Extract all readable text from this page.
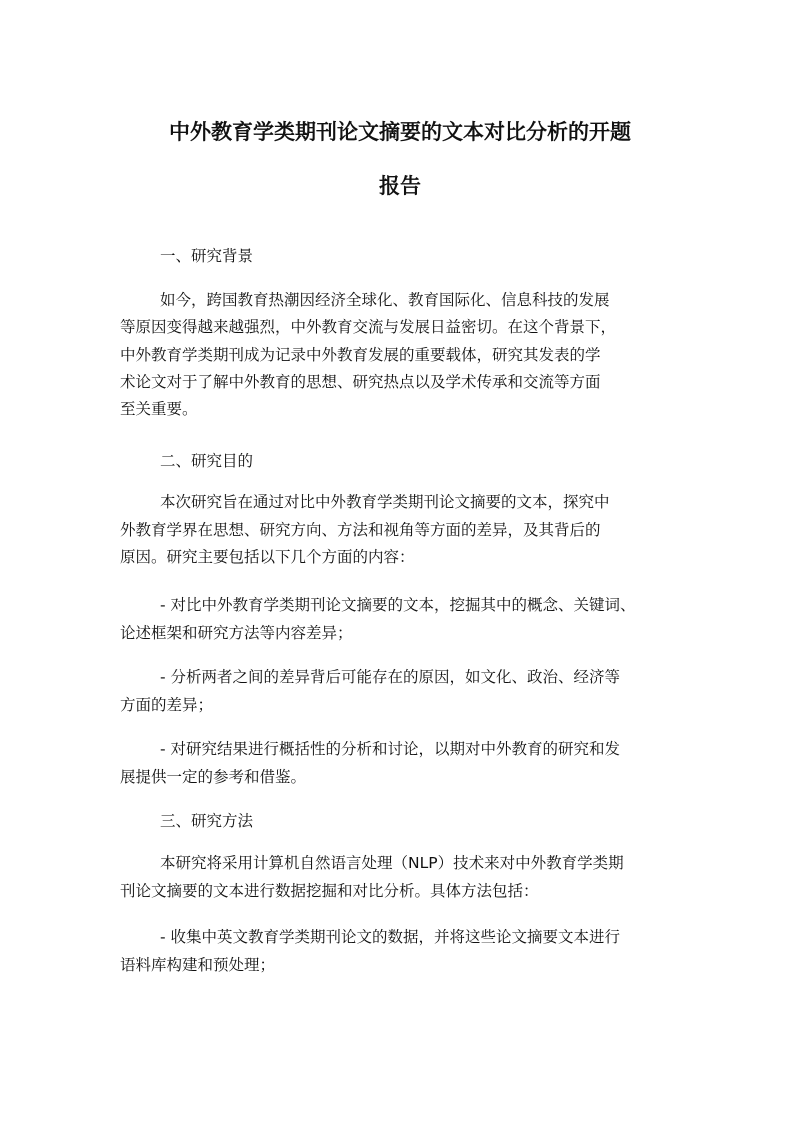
中外教育学类期刊论文摘要的文本对比分析的开题
报告
一、研究背景
如今，跨国教育热潮因经济全球化、教育国际化、信息科技的发展
等原因变得越来越强烈，中外教育交流与发展日益密切。在这个背景下，
中外教育学类期刊成为记录中外教育发展的重要载体，研究其发表的学
术论文对于了解中外教育的思想、研究热点以及学术传承和交流等方面
至关重要。
二、研究目的
本次研究旨在通过对比中外教育学类期刊论文摘要的文本，探究中
外教育学界在思想、研究方向、方法和视角等方面的差异，及其背后的
原因。研究主要包括以下几个方面的内容：
- 对比中外教育学类期刊论文摘要的文本，挖掘其中的概念、关键词、
论述框架和研究方法等内容差异；
- 分析两者之间的差异背后可能存在的原因，如文化、政治、经济等
方面的差异；
- 对研究结果进行概括性的分析和讨论，以期对中外教育的研究和发
展提供一定的参考和借鉴。
三、研究方法
本研究将采用计算机自然语言处理（NLP）技术来对中外教育学类期
刊论文摘要的文本进行数据挖掘和对比分析。具体方法包括：
- 收集中英文教育学类期刊论文的数据，并将这些论文摘要文本进行
语料库构建和预处理；
